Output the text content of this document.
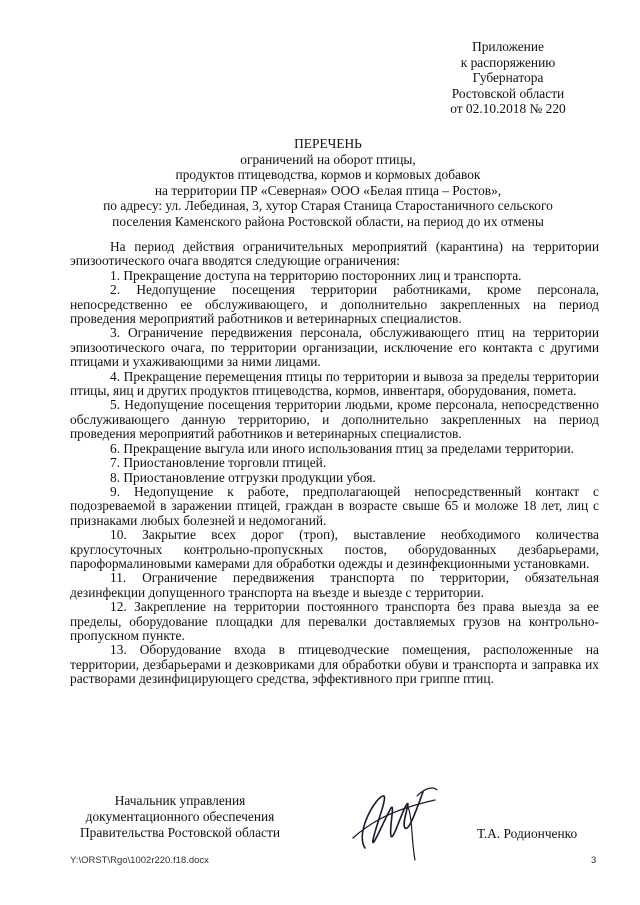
Приложение
к распоряжению
Губернатора
Ростовской области
от 02.10.2018 № 220
ПЕРЕЧЕНЬ
ограничений на оборот птицы,
продуктов птицеводства, кормов и кормовых добавок
на территории ПР «Северная» ООО «Белая птица – Ростов»,
по адресу: ул. Лебединая, 3, хутор Старая Станица Старостаничного сельского
поселения Каменского района Ростовской области, на период до их отмены

На период действия ограничительных мероприятий (карантина) на территории эпизоотического очага вводятся следующие ограничения:

1. Прекращение доступа на территорию посторонних лиц и транспорта.

2. Недопущение посещения территории работниками, кроме персонала, непосредственно ее обслуживающего, и дополнительно закрепленных на период проведения мероприятий работников и ветеринарных специалистов.

3. Ограничение передвижения персонала, обслуживающего птиц на территории эпизоотического очага, по территории организации, исключение его контакта с другими птицами и ухаживающими за ними лицами.

4. Прекращение перемещения птицы по территории и вывоза за пределы территории птицы, яиц и других продуктов птицеводства, кормов, инвентаря, оборудования, помета.

5. Недопущение посещения территории людьми, кроме персонала, непосредственно обслуживающего данную территорию, и дополнительно закрепленных на период проведения мероприятий работников и ветеринарных специалистов.

6. Прекращение выгула или иного использования птиц за пределами территории.

7. Приостановление торговли птицей.

8. Приостановление отгрузки продукции убоя.

9. Недопущение к работе, предполагающей непосредственный контакт с подозреваемой в заражении птицей, граждан в возрасте свыше 65 и моложе 18 лет, лиц с признаками любых болезней и недомоганий.

10. Закрытие всех дорог (троп), выставление необходимого количества круглосуточных контрольно-пропускных постов, оборудованных дезбарьерами, пароформалиновыми камерами для обработки одежды и дезинфекционными установками.

11. Ограничение передвижения транспорта по территории, обязательная дезинфекции допущенного транспорта на въезде и выезде с территории.

12. Закрепление на территории постоянного транспорта без права выезда за ее пределы, оборудование площадки для перевалки доставляемых грузов на контрольно-пропускном пункте.

13. Оборудование входа в птицеводческие помещения, расположенные на территории, дезбарьерами и дезковриками для обработки обуви и транспорта и заправка их растворами дезинфицирующего средства, эффективного при гриппе птиц.

Начальник управления
документационного обеспечения
Правительства Ростовской области	Т.А. Родионченко
Y:\ORST\Rgo\1002r220.f18.docx	3
